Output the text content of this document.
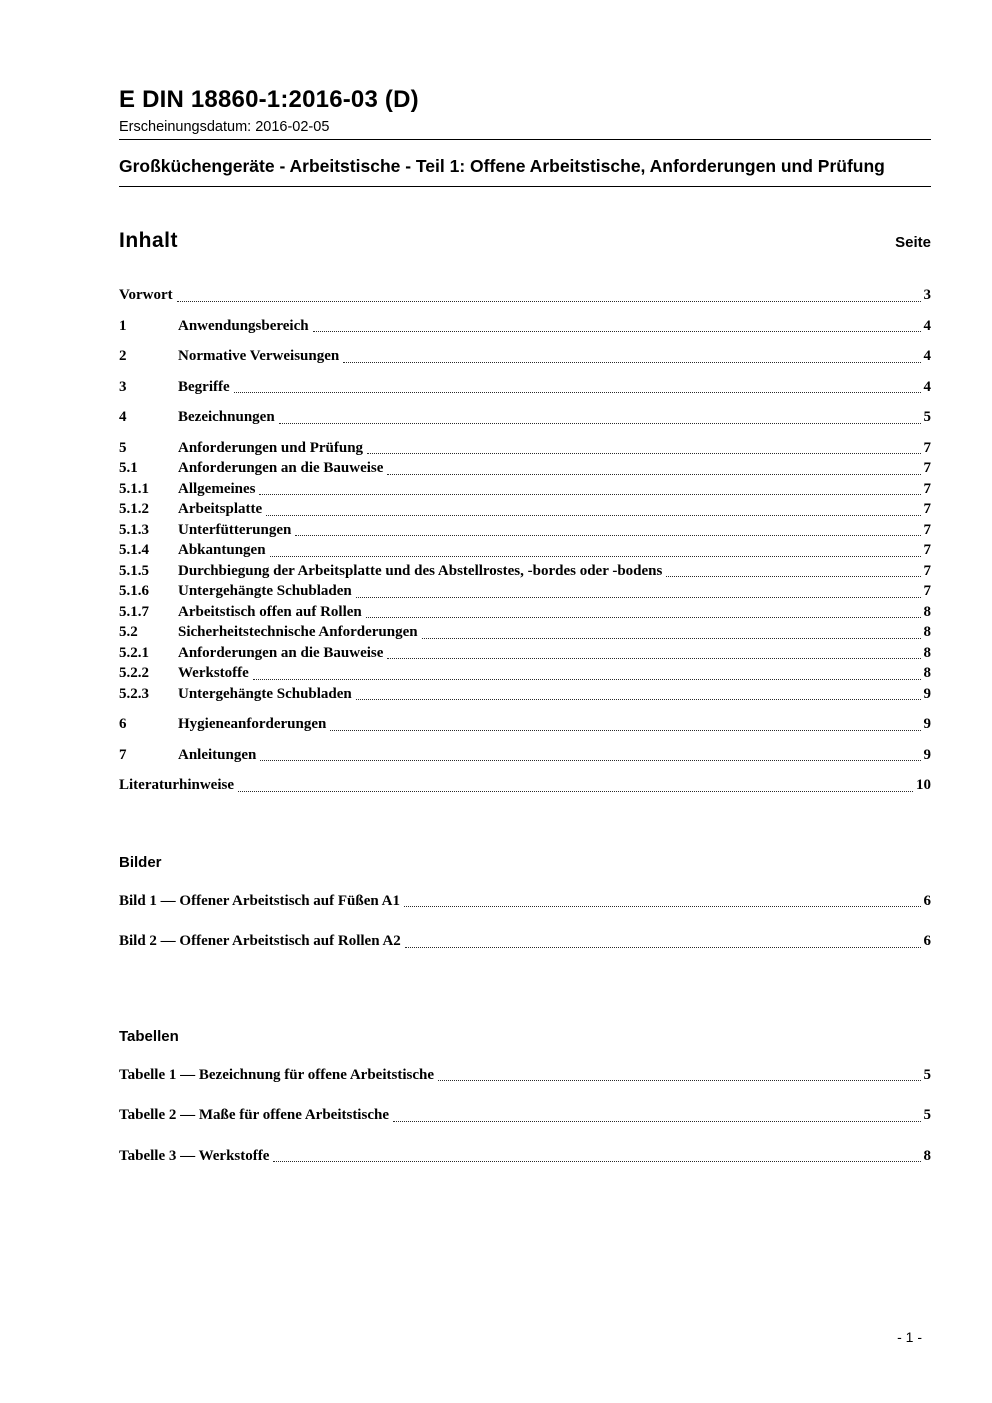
E DIN 18860-1:2016-03 (D)
Erscheinungsdatum: 2016-02-05
Großküchengeräte - Arbeitstische - Teil 1: Offene Arbeitstische, Anforderungen und Prüfung
Inhalt	Seite
Vorwort	3
1	Anwendungsbereich	4
2	Normative Verweisungen	4
3	Begriffe	4
4	Bezeichnungen	5
5	Anforderungen und Prüfung	7
5.1	Anforderungen an die Bauweise	7
5.1.1	Allgemeines	7
5.1.2	Arbeitsplatte	7
5.1.3	Unterfütterungen	7
5.1.4	Abkantungen	7
5.1.5	Durchbiegung der Arbeitsplatte und des Abstellrostes, -bordes oder -bodens	7
5.1.6	Untergehängte Schubladen	7
5.1.7	Arbeitstisch offen auf Rollen	8
5.2	Sicherheitstechnische Anforderungen	8
5.2.1	Anforderungen an die Bauweise	8
5.2.2	Werkstoffe	8
5.2.3	Untergehängte Schubladen	9
6	Hygieneanforderungen	9
7	Anleitungen	9
Literaturhinweise	10
Bilder
Bild 1 — Offener Arbeitstisch auf Füßen A1	6
Bild 2 — Offener Arbeitstisch auf Rollen A2	6
Tabellen
Tabelle 1 — Bezeichnung für offene Arbeitstische	5
Tabelle 2 — Maße für offene Arbeitstische	5
Tabelle 3 — Werkstoffe	8
- 1 -
